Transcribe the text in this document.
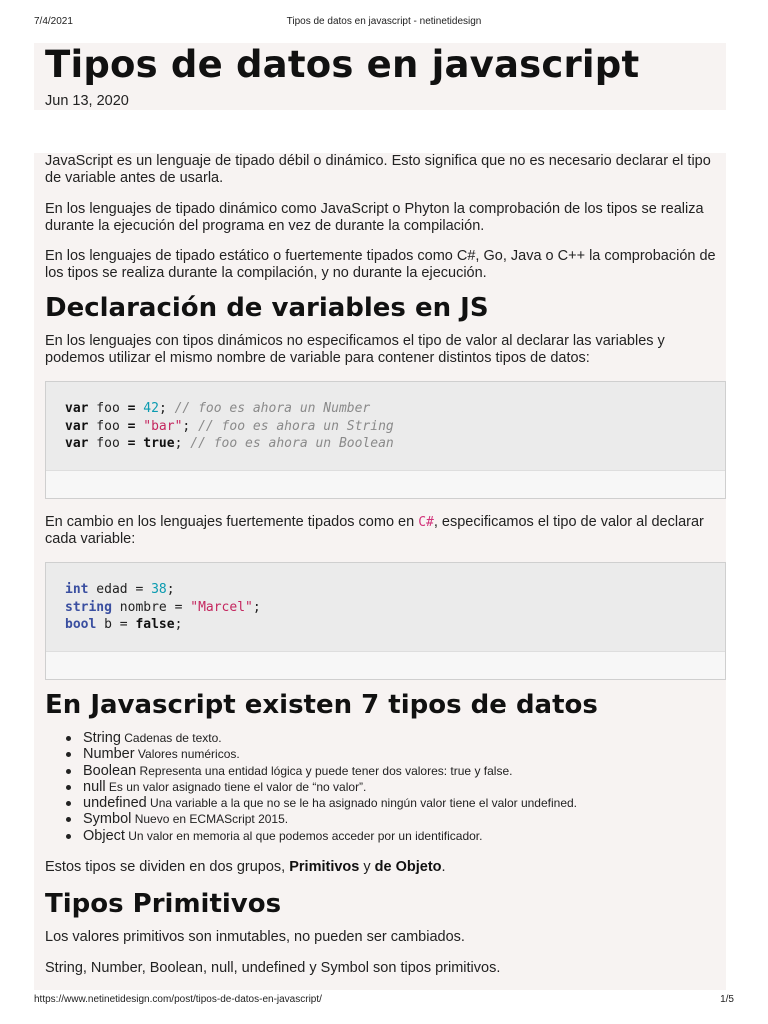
7/4/2021	Tipos de datos en javascript - netinetidesign
Tipos de datos en javascript
Jun 13, 2020
JavaScript es un lenguaje de tipado débil o dinámico. Esto significa que no es necesario declarar el tipo de variable antes de usarla.
En los lenguajes de tipado dinámico como JavaScript o Phyton la comprobación de los tipos se realiza durante la ejecución del programa en vez de durante la compilación.
En los lenguajes de tipado estático o fuertemente tipados como C#, Go, Java o C++ la comprobación de los tipos se realiza durante la compilación, y no durante la ejecución.
Declaración de variables en JS
En los lenguajes con tipos dinámicos no especificamos el tipo de valor al declarar las variables y podemos utilizar el mismo nombre de variable para contener distintos tipos de datos:
var foo = 42; // foo es ahora un Number
var foo = "bar"; // foo es ahora un String
var foo = true; // foo es ahora un Boolean
En cambio en los lenguajes fuertemente tipados como en C#, especificamos el tipo de valor al declarar cada variable:
int edad = 38;
string nombre = "Marcel";
bool b = false;
En Javascript existen 7 tipos de datos
String Cadenas de texto.
Number Valores numéricos.
Boolean Representa una entidad lógica y puede tener dos valores: true y false.
null Es un valor asignado tiene el valor de “no valor”.
undefined Una variable a la que no se le ha asignado ningún valor tiene el valor undefined.
Symbol Nuevo en ECMAScript 2015.
Object Un valor en memoria al que podemos acceder por un identificador.
Estos tipos se dividen en dos grupos, Primitivos y de Objeto.
Tipos Primitivos
Los valores primitivos son inmutables, no pueden ser cambiados.
String, Number, Boolean, null, undefined y Symbol son tipos primitivos.
https://www.netinetidesign.com/post/tipos-de-datos-en-javascript/	1/5
